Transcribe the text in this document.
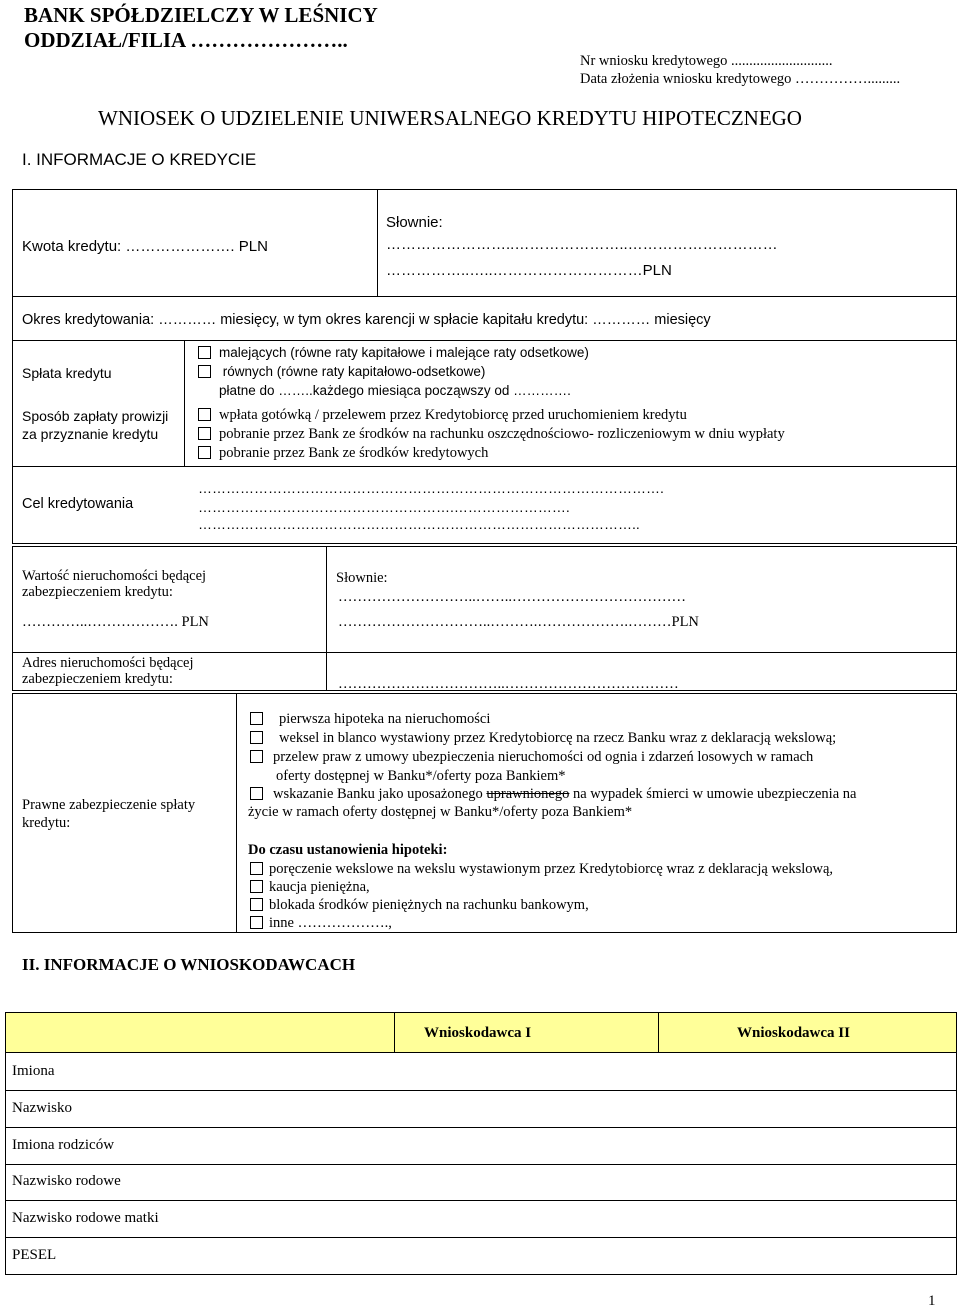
BANK SPÓŁDZIELCZY W LEŚNICY
ODDZIAŁ/FILIA …………………..
Nr wniosku kredytowego ............................
Data złożenia wniosku kredytowego …………….........
WNIOSEK O UDZIELENIE UNIWERSALNEGO KREDYTU HIPOTECZNEGO
I. INFORMACJE O KREDYCIE
Kwota kredytu: …………………. PLN
Słownie:
……………………..…………………..…………………………
……………..…..…………………………PLN
Okres kredytowania: ………… miesięcy, w tym okres karencji w spłacie kapitału kredytu: ………… miesięcy
Spłata kredytu
malejących (równe raty kapitałowe i malejące raty odsetkowe)
równych (równe raty kapitałowo-odsetkowe)
płatne do ……..każdego miesiąca począwszy od ………….
Sposób zapłaty prowizji za przyznanie kredytu
wpłata gotówką / przelewem przez Kredytobiorcę przed uruchomieniem kredytu
pobranie przez Bank ze środków na rachunku oszczędnościowo- rozliczeniowym w dniu wypłaty
pobranie przez Bank ze środków kredytowych
Cel kredytowania
……………………………………………………………………………………….
……………………………………………….…………………….
…………………………………………………………………………………..
Wartość nieruchomości będącej zabezpieczeniem kredytu:
…………..………………. PLN
Słownie:
………………………..……..………………………………
…………………………..……….……………….………PLN
Adres nieruchomości będącej zabezpieczeniem kredytu:	……………………………..………………………………
Prawne zabezpieczenie spłaty kredytu:
pierwsza hipoteka na nieruchomości
weksel in blanco wystawiony przez Kredytobiorcę na rzecz Banku wraz z deklaracją wekslową;
przelew praw z umowy ubezpieczenia nieruchomości od ognia i zdarzeń losowych w ramach
oferty dostępnej w Banku*/oferty poza Bankiem*
wskazanie Banku jako uposażonego uprawnionego na wypadek śmierci w umowie ubezpieczenia na
życie w ramach oferty dostępnej w Banku*/oferty poza Bankiem*
Do czasu ustanowienia hipoteki:
poręczenie wekslowe na wekslu wystawionym przez Kredytobiorcę wraz z deklaracją wekslową,
kaucja pieniężna,
blokada środków pieniężnych na rachunku bankowym,
inne ……………….,
II. INFORMACJE O WNIOSKODAWCACH
Wnioskodawca I	Wnioskodawca II
Imiona
Nazwisko
Imiona rodziców
Nazwisko rodowe
Nazwisko rodowe matki
PESEL
1
